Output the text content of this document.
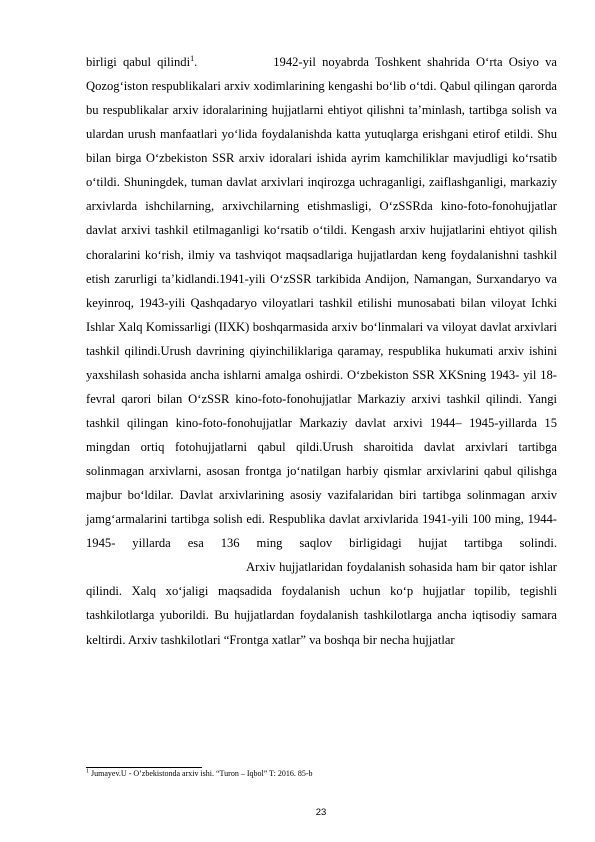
birligi qabul qilindi$^1$.	1942-yil noyabrda Toshkent shahrida O‘rta Osiyo va Qozog‘iston respublikalari arxiv xodimlarining kengashi bo‘lib o‘tdi. Qabul qilingan qarorda bu respublikalar arxiv idoralarining hujjatlarni ehtiyot qilishni ta’minlash, tartibga solish va ulardan urush manfaatlari yo‘lida foydalanishda katta yutuqlarga erishgani etirof etildi. Shu bilan birga O‘zbekiston SSR arxiv idoralari ishida ayrim kamchiliklar mavjudligi ko‘rsatib o‘tildi. Shuningdek, tuman davlat arxivlari inqirozga uchraganligi, zaiflashganligi, markaziy arxivlarda ishchilarning, arxivchilarning etishmasligi, O‘zSSRda kino-foto-fonohujjatlar davlat arxivi tashkil etilmaganligi ko‘rsatib o‘tildi. Kengash arxiv hujjatlarini ehtiyot qilish choralarini ko‘rish, ilmiy va tashviqot maqsadlariga hujjatlardan keng foydalanishni tashkil etish zarurligi ta’kidlandi.1941-yili O‘zSSR tarkibida Andijon, Namangan, Surxandaryo va keyinroq, 1943-yili Qashqadaryo viloyatlari tashkil etilishi munosabati bilan viloyat Ichki Ishlar Xalq Komissarligi (IIXK) boshqarmasida arxiv bo‘linmalari va viloyat davlat arxivlari tashkil qilindi.Urush davrining qiyinchiliklariga qaramay, respublika hukumati arxiv ishini yaxshilash sohasida ancha ishlarni amalga oshirdi. O‘zbekiston SSR XKSning 1943- yil 18-fevral qarori bilan O‘zSSR kino-foto-fonohujjatlar Markaziy arxivi tashkil qilindi. Yangi tashkil qilingan kino-foto-fonohujjatlar Markaziy davlat arxivi 1944– 1945-yillarda 15 mingdan ortiq fotohujjatlarni qabul qildi.Urush sharoitida davlat arxivlari tartibga solinmagan arxivlarni, asosan frontga jo‘natilgan harbiy qismlar arxivlarini qabul qilishga majbur bo‘ldilar. Davlat arxivlarining asosiy vazifalaridan biri tartibga solinmagan arxiv jamg‘armalarini tartibga solish edi. Respublika davlat arxivlarida 1941-yili 100 ming, 1944-1945- yillarda esa 136 ming saqlov birligidagi hujjat tartibga solindi.Arxiv hujjatlaridan foydalanish sohasida ham bir qator ishlar qilindi. Xalq xo‘jaligi maqsadida foydalanish uchun ko‘p hujjatlar topilib, tegishli tashkilotlarga yuborildi. Bu hujjatlardan foydalanish tashkilotlarga ancha iqtisodiy samara keltirdi. Arxiv tashkilotlari “Frontga xatlar” va boshqa bir necha hujjatlar

$^1$ Jumayev.U - O’zbekistonda arxiv ishi. “Turon – Iqbol” T: 2016. 85-b
23
